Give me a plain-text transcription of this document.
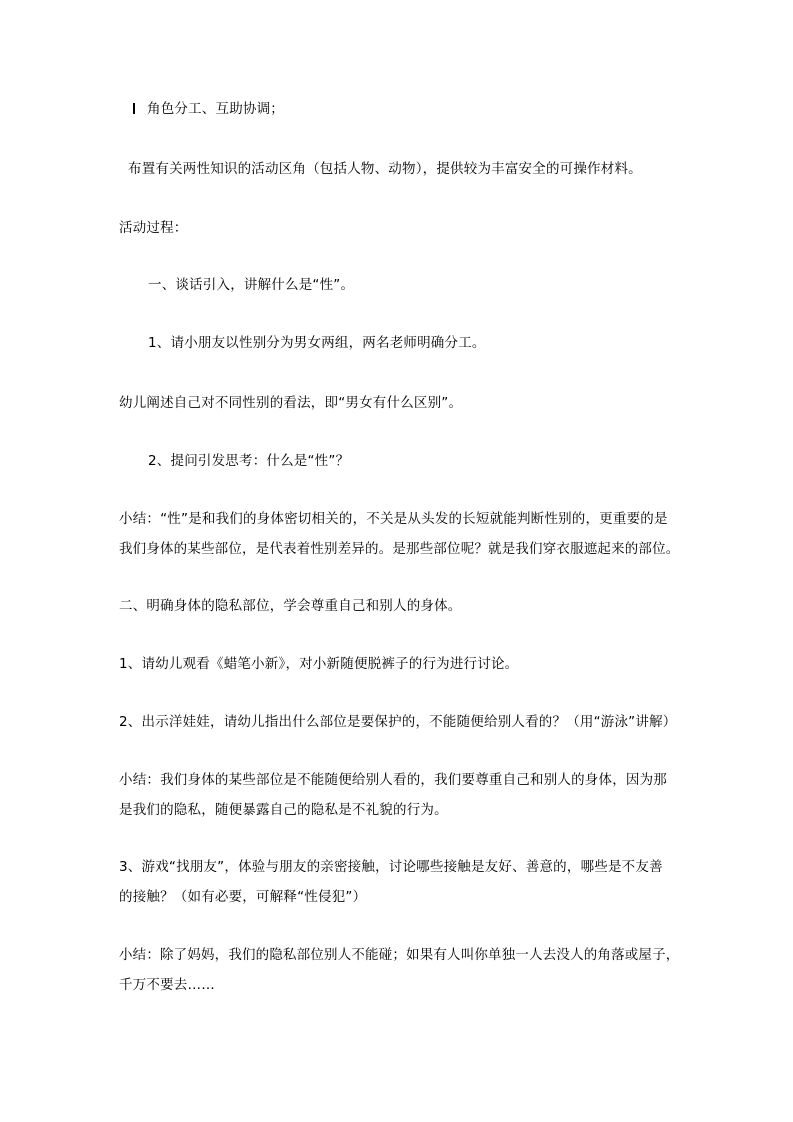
角色分工、互助协调；
布置有关两性知识的活动区角（包括人物、动物），提供较为丰富安全的可操作材料。
活动过程：
一、谈话引入，讲解什么是“性”。
1、请小朋友以性别分为男女两组，两名老师明确分工。
幼儿阐述自己对不同性别的看法，即“男女有什么区别”。
2、提问引发思考：什么是“性”？
小结：“性”是和我们的身体密切相关的，不关是从头发的长短就能判断性别的，更重要的是
我们身体的某些部位，是代表着性别差异的。是那些部位呢？就是我们穿衣服遮起来的部位。
二、明确身体的隐私部位，学会尊重自己和别人的身体。
1、请幼儿观看《蜡笔小新》，对小新随便脱裤子的行为进行讨论。
2、出示洋娃娃，请幼儿指出什么部位是要保护的，不能随便给别人看的？（用“游泳”讲解）
小结：我们身体的某些部位是不能随便给别人看的，我们要尊重自己和别人的身体，因为那
是我们的隐私，随便暴露自己的隐私是不礼貌的行为。
3、游戏“找朋友”，体验与朋友的亲密接触，讨论哪些接触是友好、善意的，哪些是不友善
的接触？（如有必要，可解释“性侵犯”）
小结：除了妈妈，我们的隐私部位别人不能碰；如果有人叫你单独一人去没人的角落或屋子，
千万不要去……
